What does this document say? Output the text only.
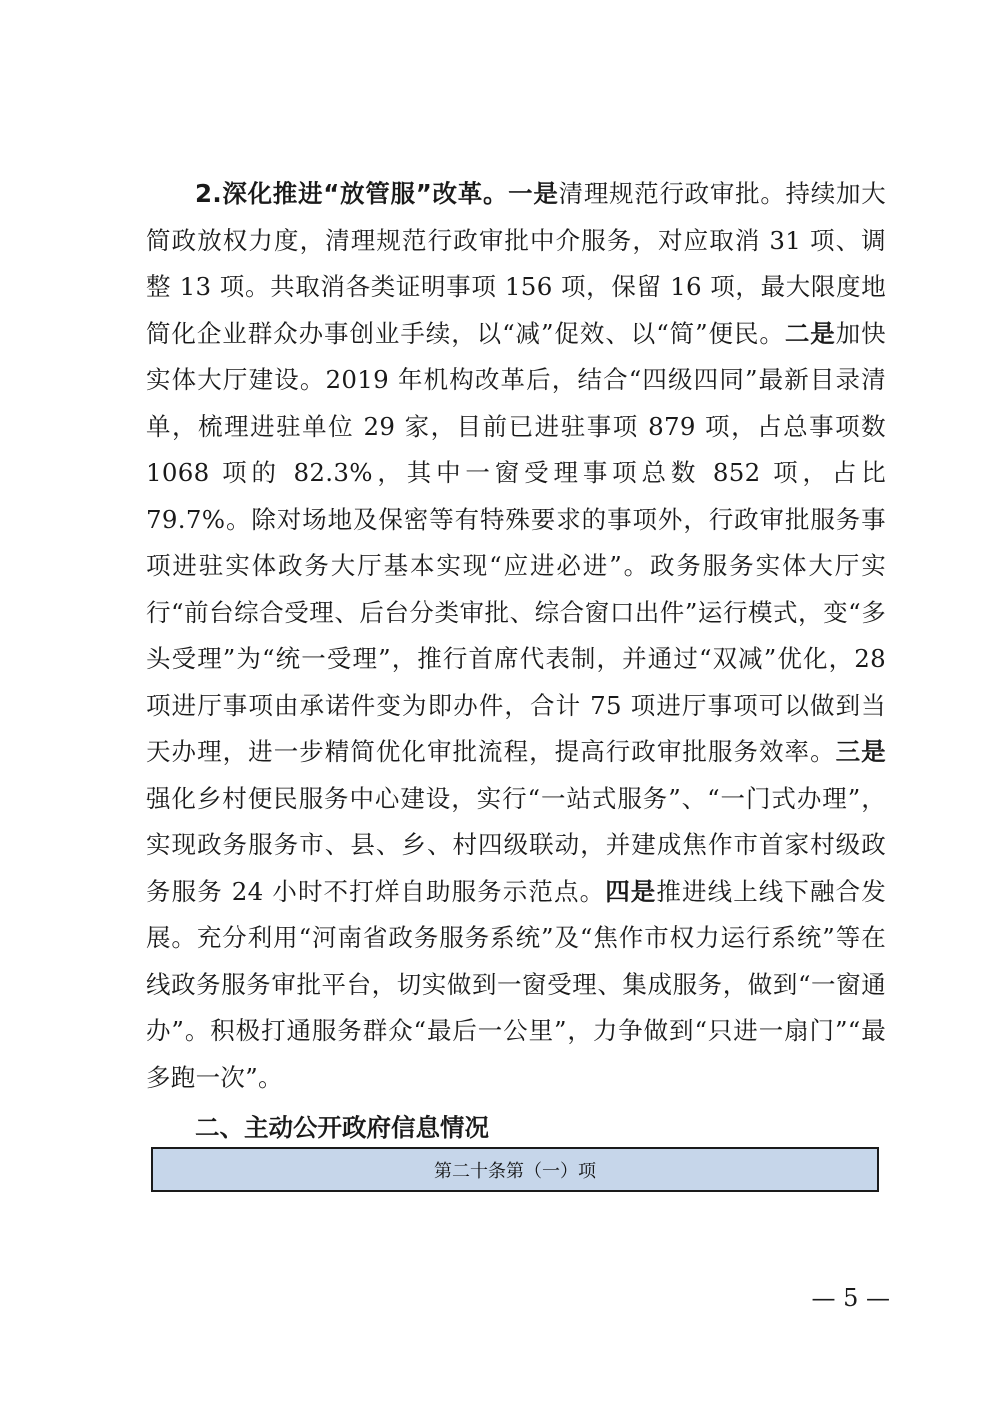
2.深化推进“放管服”改革。一是清理规范行政审批。持续加大简政放权力度，清理规范行政审批中介服务，对应取消 31 项、调整 13 项。共取消各类证明事项 156 项，保留 16 项，最大限度地简化企业群众办事创业手续，以“减”促效、以“简”便民。二是加快实体大厅建设。2019 年机构改革后，结合“四级四同”最新目录清单，梳理进驻单位 29 家，目前已进驻事项 879 项，占总事项数 1068 项的 82.3%，其中一窗受理事项总数 852 项，占比 79.7%。除对场地及保密等有特殊要求的事项外，行政审批服务事项进驻实体政务大厅基本实现“应进必进”。政务服务实体大厅实行“前台综合受理、后台分类审批、综合窗口出件”运行模式，变“多头受理”为“统一受理”，推行首席代表制，并通过“双减”优化，28 项进厅事项由承诺件变为即办件，合计 75 项进厅事项可以做到当天办理，进一步精简优化审批流程，提高行政审批服务效率。三是强化乡村便民服务中心建设，实行“一站式服务”、“一门式办理”，实现政务服务市、县、乡、村四级联动，并建成焦作市首家村级政务服务 24 小时不打烊自助服务示范点。四是推进线上线下融合发展。充分利用“河南省政务服务系统”及“焦作市权力运行系统”等在线政务服务审批平台，切实做到一窗受理、集成服务，做到“一窗通办”。积极打通服务群众“最后一公里”，力争做到“只进一扇门”“最多跑一次”。

二、主动公开政府信息情况
第二十条第（一）项
— 5 —
